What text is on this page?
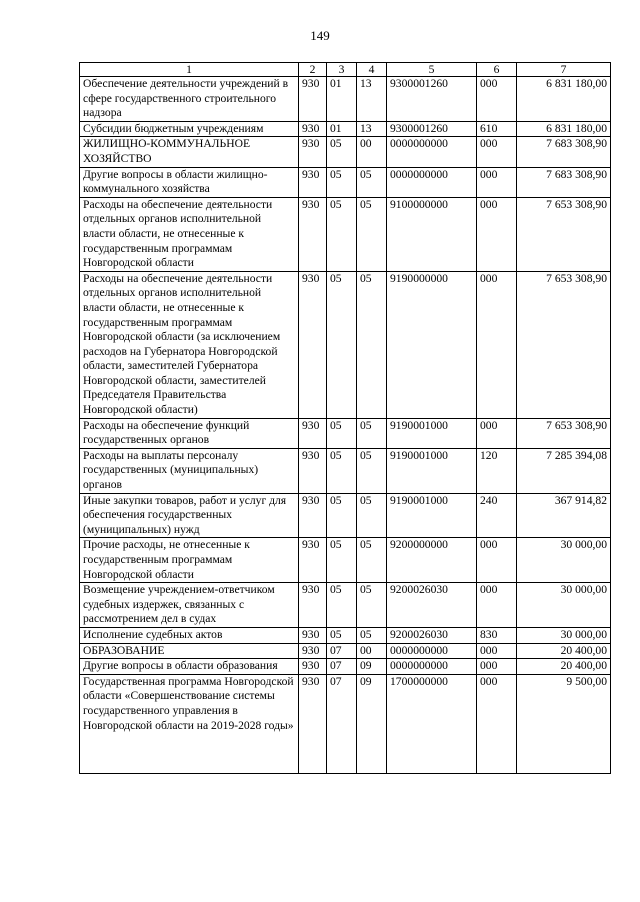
149
1	2	3	4	5	6	7
Обеспечение деятельности учреждений в сфере государственного строительного надзора	930	01	13	9300001260	000	6 831 180,00
Субсидии бюджетным учреждениям	930	01	13	9300001260	610	6 831 180,00
ЖИЛИЩНО-КОММУНАЛЬНОЕ ХОЗЯЙСТВО	930	05	00	0000000000	000	7 683 308,90
Другие вопросы в области жилищно-коммунального хозяйства	930	05	05	0000000000	000	7 683 308,90
Расходы на обеспечение деятельности отдельных органов исполнительной власти области, не отнесенные к государственным программам Новгородской области	930	05	05	9100000000	000	7 653 308,90
Расходы на обеспечение деятельности отдельных органов исполнительной власти области, не отнесенные к государственным программам Новгородской области (за исключением расходов на Губернатора Новгородской области, заместителей Губернатора Новгородской области, заместителей Председателя Правительства Новгородской области)	930	05	05	9190000000	000	7 653 308,90
Расходы на обеспечение функций государственных органов	930	05	05	9190001000	000	7 653 308,90
Расходы на выплаты персоналу государственных (муниципальных) органов	930	05	05	9190001000	120	7 285 394,08
Иные закупки товаров, работ и услуг для обеспечения государственных (муниципальных) нужд	930	05	05	9190001000	240	367 914,82
Прочие расходы, не отнесенные к государственным программам Новгородской области	930	05	05	9200000000	000	30 000,00
Возмещение учреждением-ответчиком судебных издержек, связанных с рассмотрением дел в судах	930	05	05	9200026030	000	30 000,00
Исполнение судебных актов	930	05	05	9200026030	830	30 000,00
ОБРАЗОВАНИЕ	930	07	00	0000000000	000	20 400,00
Другие вопросы в области образования	930	07	09	0000000000	000	20 400,00
Государственная программа Новгородской области «Совершенствование системы государственного управления в Новгородской области на 2019-2028 годы»	930	07	09	1700000000	000	9 500,00
